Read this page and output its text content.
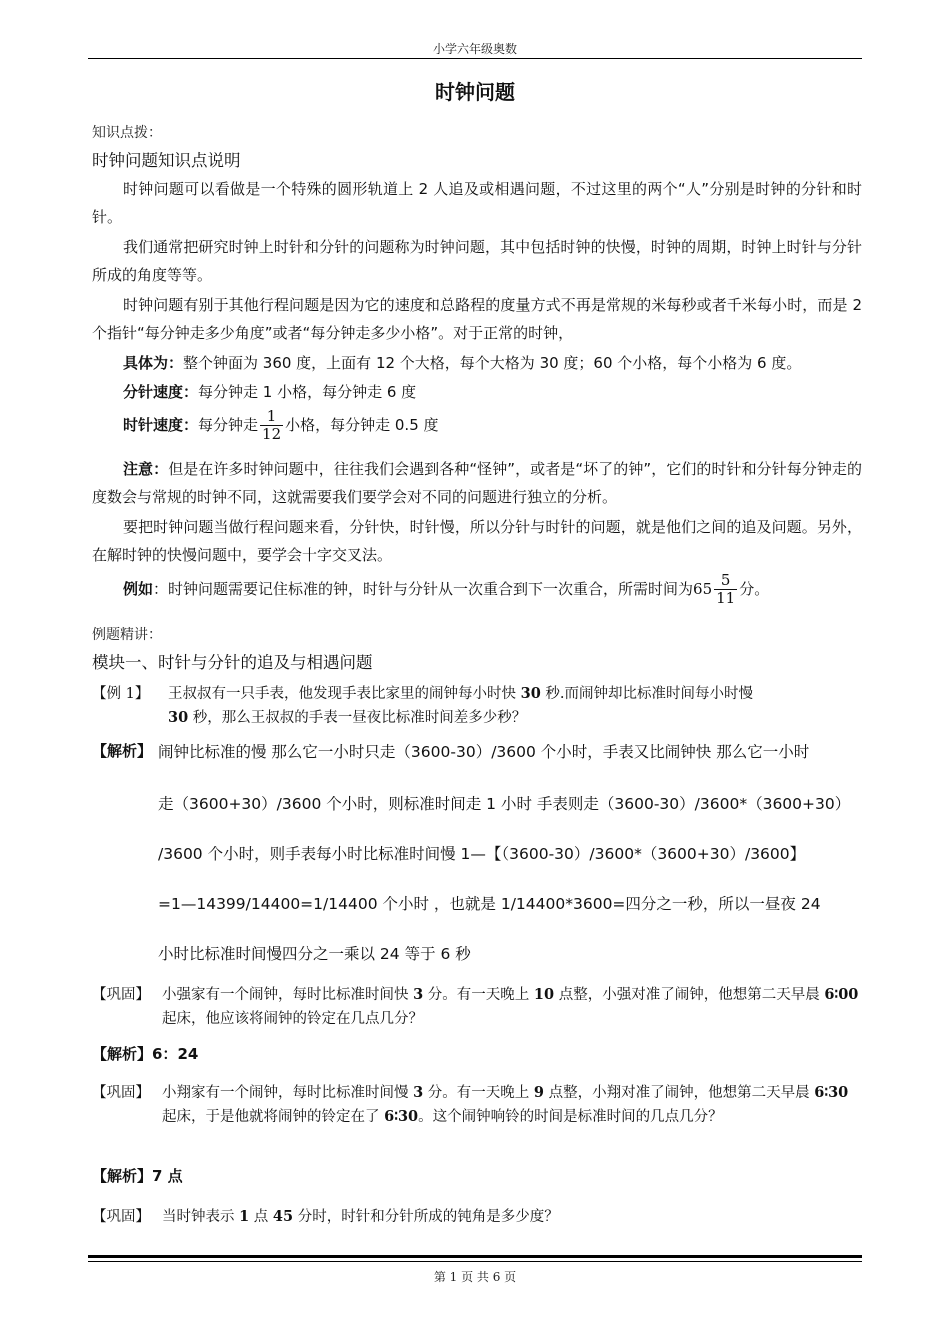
小学六年级奥数
时钟问题
知识点拨：
时钟问题知识点说明
时钟问题可以看做是一个特殊的圆形轨道上 2 人追及或相遇问题，不过这里的两个“人”分别是时钟的分针和时针。
我们通常把研究时钟上时针和分针的问题称为时钟问题，其中包括时钟的快慢，时钟的周期，时钟上时针与分针所成的角度等等。
时钟问题有别于其他行程问题是因为它的速度和总路程的度量方式不再是常规的米每秒或者千米每小时，而是 2 个指针“每分钟走多少角度”或者“每分钟走多少小格”。对于正常的时钟，
具体为：整个钟面为 360 度，上面有 12 个大格，每个大格为 30 度；60 个小格，每个小格为 6 度。
分针速度：每分钟走 1 小格，每分钟走 6 度
时针速度：每分钟走 $\frac{1}{12}$ 小格，每分钟走 0.5 度
注意：但是在许多时钟问题中，往往我们会遇到各种“怪钟”，或者是“坏了的钟”，它们的时针和分针每分钟走的度数会与常规的时钟不同，这就需要我们要学会对不同的问题进行独立的分析。
要把时钟问题当做行程问题来看，分针快，时针慢，所以分针与时针的问题，就是他们之间的追及问题。另外，在解时钟的快慢问题中，要学会十字交叉法。
例如：时钟问题需要记住标准的钟，时针与分针从一次重合到下一次重合，所需时间为$65 \frac{5}{11}$ 分。
例题精讲：
模块一、时针与分针的追及与相遇问题
【例 1】 王叔叔有一只手表，他发现手表比家里的闹钟每小时快 30 秒.而闹钟却比标准时间每小时慢
30 秒，那么王叔叔的手表一昼夜比标准时间差多少秒？
【解析】 闹钟比标准的慢 那么它一小时只走（3600-30）/3600 个小时，手表又比闹钟快 那么它一小时
走（3600+30）/3600 个小时，则标准时间走 1 小时 手表则走（3600-30）/3600*（3600+30）
/3600 个小时，则手表每小时比标准时间慢 1—【（3600-30）/3600*（3600+30）/3600】
=1—14399/14400=1/14400 个小时 ，也就是 1/14400*3600=四分之一秒，所以一昼夜 24
小时比标准时间慢四分之一乘以 24 等于 6 秒
【巩固】 小强家有一个闹钟，每时比标准时间快 3 分。有一天晚上 10 点整，小强对准了闹钟，他想第二天早晨 6∶00 起床，他应该将闹钟的铃定在几点几分？
【解析】6：24
【巩固】 小翔家有一个闹钟，每时比标准时间慢 3 分。有一天晚上 9 点整，小翔对准了闹钟，他想第二天早晨 6∶30 起床，于是他就将闹钟的铃定在了 6∶30。这个闹钟响铃的时间是标准时间的几点几分？
【解析】7 点
【巩固】 当时钟表示 1 点 45 分时，时针和分针所成的钝角是多少度？
第 1 页 共 6 页
